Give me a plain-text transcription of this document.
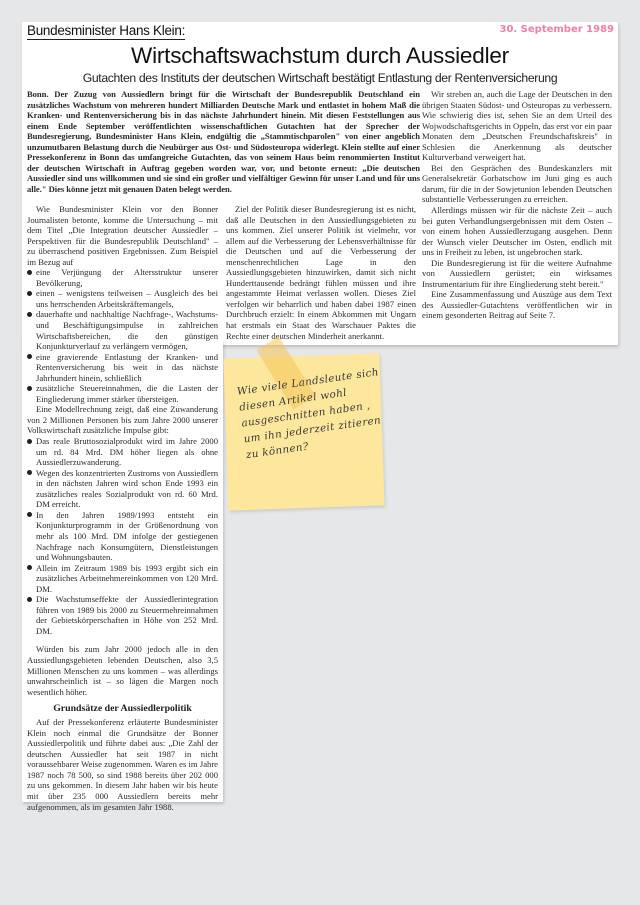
Bundesminister Hans Klein:	30. September 1989
Wirtschaftswachstum durch Aussiedler
Gutachten des Instituts der deutschen Wirtschaft bestätigt Entlastung der Rentenversicherung
Bonn. Der Zuzug von Aussiedlern bringt für die Wirtschaft der Bundesrepublik Deutschland ein zusätzliches Wachstum von mehreren hundert Milliarden Deutsche Mark und entlastet in hohem Maß die Kranken- und Rentenversicherung bis in das nächste Jahrhundert hinein. Mit diesen Feststellungen aus einem Ende September veröffentlichten wissenschaftlichen Gutachten hat der Sprecher der Bundesregierung, Bundesminister Hans Klein, endgültig die „Stammtischparolen" von einer angeblich unzumutbaren Belastung durch die Neubürger aus Ost- und Südosteuropa widerlegt. Klein stellte auf einer Pressekonferenz in Bonn das umfangreiche Gutachten, das von seinem Haus beim renommierten Institut der deutschen Wirtschaft in Auftrag gegeben worden war, vor, und betonte erneut: „Die deutschen Aussiedler sind uns willkommen und sie sind ein großer und vielfältiger Gewinn für unser Land und für uns alle." Dies könne jetzt mit genauen Daten belegt werden.

Wir streben an, auch die Lage der Deutschen in den übrigen Staaten Südost- und Osteuropas zu verbessern. Wie schwierig dies ist, sehen Sie an dem Urteil des Wojwodschaftsgerichts in Oppeln, das erst vor ein paar Monaten dem „Deutschen Freundschaftskreis" in Schlesien die Anerkennung als deutscher Kulturverband verweigert hat.

Bei den Gesprächen des Bundeskanzlers mit Generalsekretär Gorbatschow im Juni ging es auch darum, für die in der Sowjetunion lebenden Deutschen substantielle Verbesserungen zu erreichen.

Allerdings müssen wir für die nächste Zeit – auch bei guten Verhandlungsergebnissen mit dem Osten – von einem hohen Aussiedlerzugang ausgehen. Denn der Wunsch vieler Deutscher im Osten, endlich mit uns in Freiheit zu leben, ist ungebrochen stark.

Die Bundesregierung ist für die weitere Aufnahme von Aussiedlern gerüstet; ein wirksames Instrumentarium für ihre Eingliederung steht bereit."

Eine Zusammenfassung und Auszüge aus dem Text des Aussiedler-Gutachtens veröffentlichen wir in einem gesonderten Beitrag auf Seite 7.

Ziel der Politik dieser Bundesregierung ist es nicht, daß alle Deutschen in den Aussiedlungsgebieten zu uns kommen. Ziel unserer Politik ist vielmehr, vor allem auf die Verbesserung der Lebensverhältnisse für die Deutschen und auf die Verbesserung der menschenrechtlichen Lage in den Aussiedlungsgebieten hinzuwirken, damit sich nicht Hunderttausende bedrängt fühlen müssen und ihre angestammte Heimat verlassen wollen. Dieses Ziel verfolgen wir beharrlich und haben dabei 1987 einen Durchbruch erzielt: In einem Abkommen mit Ungarn hat erstmals ein Staat des Warschauer Paktes die Rechte einer deutschen Minderheit anerkannt.

Wie Bundesminister Klein vor den Bonner Journalisten betonte, komme die Untersuchung – mit dem Titel „Die Integration deutscher Aussiedler – Perspektiven für die Bundesrepublik Deutschland" – zu überraschend positiven Ergebnissen. Zum Beispiel im Bezug auf

eine Verjüngung der Altersstruktur unserer Bevölkerung,
einen – wenigstens teilweisen – Ausgleich des bei uns herrschenden Arbeitskräftemangels,
dauerhafte und nachhaltige Nachfrage-, Wachstums- und Beschäftigungsimpulse in zahlreichen Wirtschaftsbereichen, die den günstigen Konjunkturverlauf zu verlängern vermögen,
eine gravierende Entlastung der Kranken- und Rentenversicherung bis weit in das nächste Jahrhundert hinein, schließlich
zusätzliche Steuereinnahmen, die die Lasten der Eingliederung immer stärker übersteigen.

Eine Modellrechnung zeigt, daß eine Zuwanderung von 2 Millionen Personen bis zum Jahre 2000 unserer Volkswirtschaft zusätzliche Impulse gibt:

Das reale Bruttosozialprodukt wird im Jahre 2000 um rd. 84 Mrd. DM höher liegen als ohne Aussiedlerzuwanderung.
Wegen des konzentrierten Zustroms von Aussiedlern in den nächsten Jahren wird schon Ende 1993 ein zusätzliches reales Sozialprodukt von rd. 60 Mrd. DM erreicht.
In den Jahren 1989/1993 entsteht ein Konjunkturprogramm in der Größenordnung von mehr als 100 Mrd. DM infolge der gestiegenen Nachfrage nach Konsumgütern, Dienstleistungen und Wohnungsbauten.
Allein im Zeitraum 1989 bis 1993 ergibt sich ein zusätzliches Arbeitnehmereinkommen von 120 Mrd. DM.
Die Wachstumseffekte der Aussiedlerintegration führen von 1989 bis 2000 zu Steuermehreinnahmen der Gebietskörperschaften in Höhe von 252 Mrd. DM.

Würden bis zum Jahr 2000 jedoch alle in den Aussiedlungsgebieten lebenden Deutschen, also 3,5 Millionen Menschen zu uns kommen – was allerdings unwahrscheinlich ist – so lägen die Margen noch wesentlich höher.

Grundsätze der Aussiedlerpolitik

Auf der Pressekonferenz erläuterte Bundesminister Klein noch einmal die Grundsätze der Bonner Aussiedlerpolitik und führte dabei aus: „Die Zahl der deutschen Aussiedler hat seit 1987 in nicht voraussehbarer Weise zugenommen. Waren es im Jahre 1987 noch 78 500, so sind 1988 bereits über 202 000 zu uns gekommen. In diesem Jahr haben wir bis heute mit über 235 000 Aussiedlern bereits mehr aufgenommen, als im gesamten Jahr 1988.

Wie viele Landsleute sich diesen Artikel wohl ausgeschnitten haben , um ihn jederzeit zitieren zu können?
